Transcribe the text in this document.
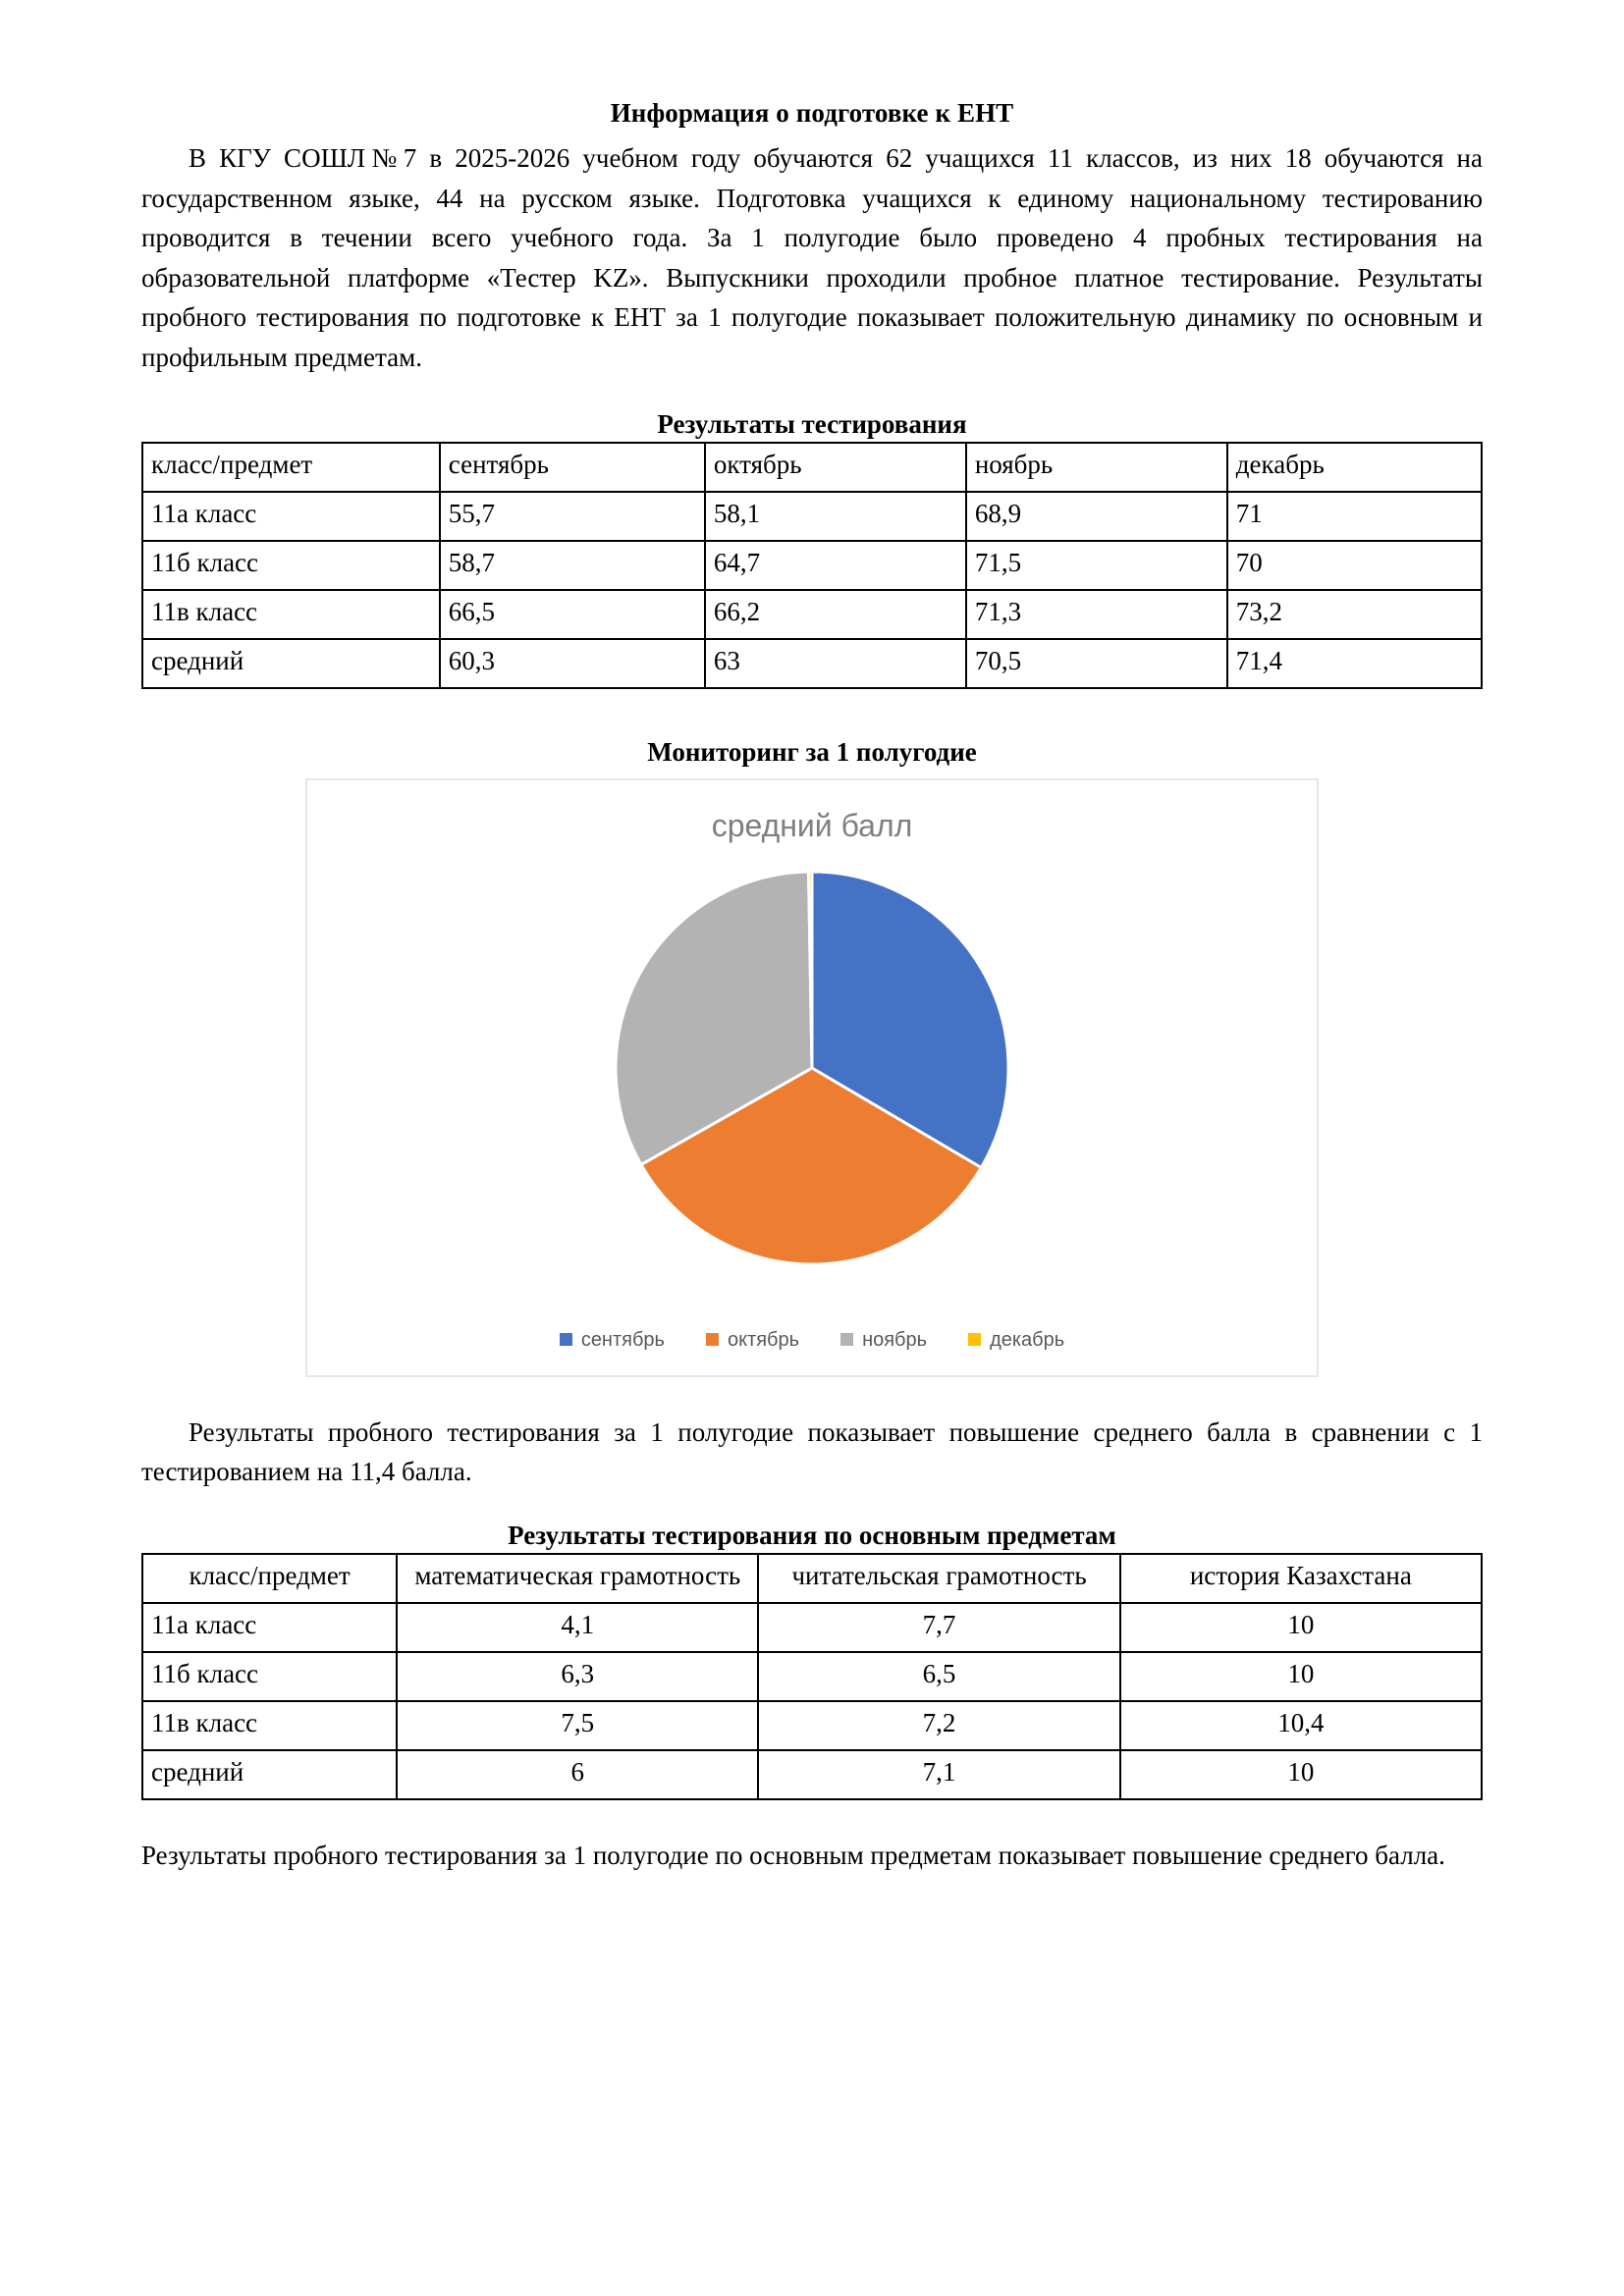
Информация о подготовке к ЕНТ

В КГУ СОШЛ№7 в 2025-2026 учебном году обучаются 62 учащихся 11 классов, из них 18 обучаются на государственном языке, 44 на русском языке. Подготовка учащихся к единому национальному тестированию проводится в течении всего учебного года. За 1 полугодие было проведено 4 пробных тестирования на образовательной платформе «Тестер KZ». Выпускники проходили пробное платное тестирование. Результаты пробного тестирования по подготовке к ЕНТ за 1 полугодие показывает положительную динамику по основным и профильным предметам.

Результаты тестирования
класс/предмет	сентябрь	октябрь	ноябрь	декабрь
11а класс	55,7	58,1	68,9	71
11б класс	58,7	64,7	71,5	70
11в класс	66,5	66,2	71,3	73,2
средний	60,3	63	70,5	71,4
Мониторинг за 1 полугодие
средний балл
сентябрь	октябрь	ноябрь	декабрь

Результаты пробного тестирования за 1 полугодие показывает повышение среднего балла в сравнении с 1 тестированием на 11,4 балла.

Результаты тестирования по основным предметам
класс/предмет	математическая грамотность	читательская грамотность	история Казахстана
11а класс	4,1	7,7	10
11б класс	6,3	6,5	10
11в класс	7,5	7,2	10,4
средний	6	7,1	10

Результаты пробного тестирования за 1 полугодие по основным предметам показывает повышение среднего балла.
